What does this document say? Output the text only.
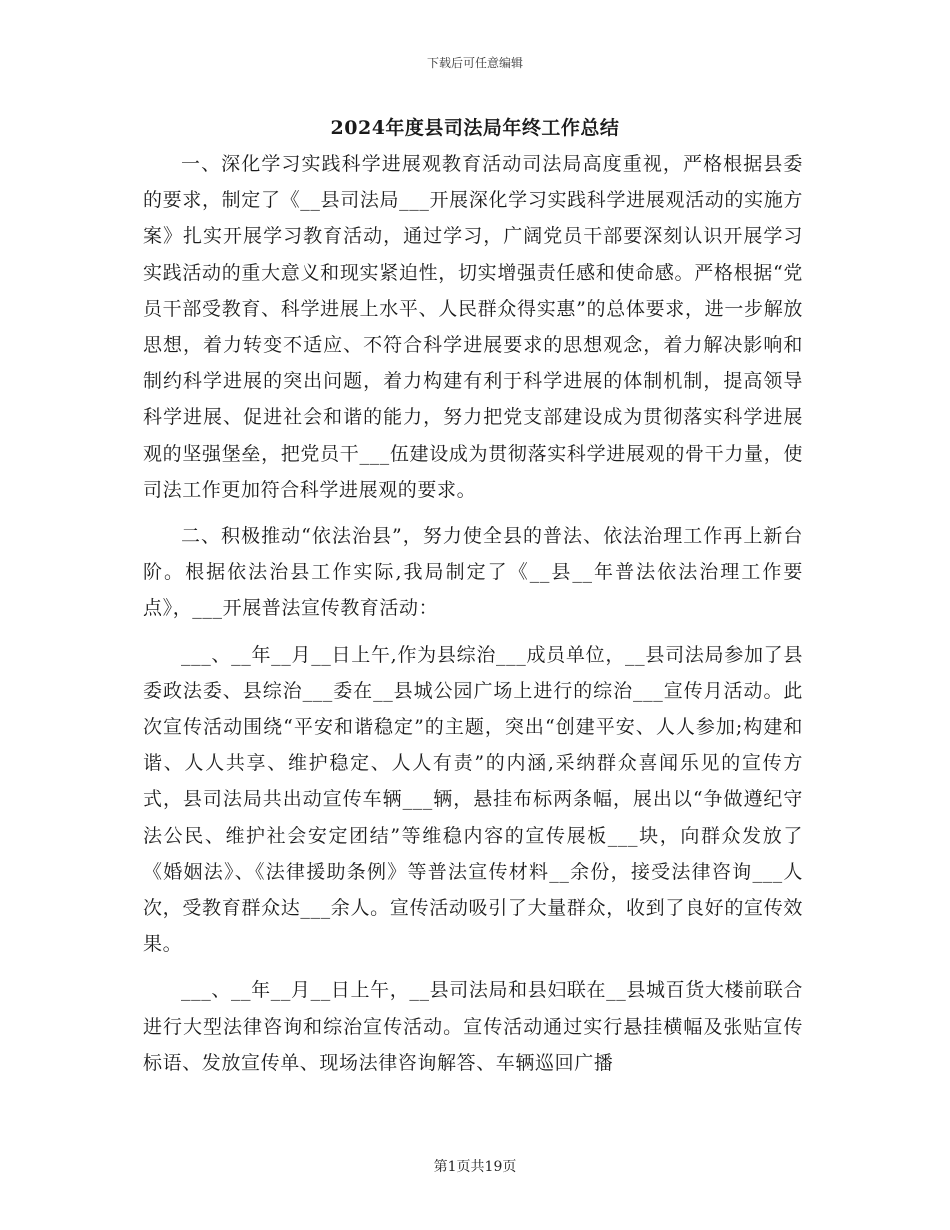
下载后可任意编辑
2024年度县司法局年终工作总结

一、深化学习实践科学进展观教育活动司法局高度重视，严格根据县委的要求，制定了《__县司法局___开展深化学习实践科学进展观活动的实施方案》扎实开展学习教育活动，通过学习，广阔党员干部要深刻认识开展学习实践活动的重大意义和现实紧迫性，切实增强责任感和使命感。严格根据“党员干部受教育、科学进展上水平、人民群众得实惠”的总体要求，进一步解放思想，着力转变不适应、不符合科学进展要求的思想观念，着力解决影响和制约科学进展的突出问题，着力构建有利于科学进展的体制机制，提高领导科学进展、促进社会和谐的能力，努力把党支部建设成为贯彻落实科学进展观的坚强堡垒，把党员干___伍建设成为贯彻落实科学进展观的骨干力量，使司法工作更加符合科学进展观的要求。

二、积极推动“依法治县”，努力使全县的普法、依法治理工作再上新台阶。根据依法治县工作实际,我局制定了《__县__年普法依法治理工作要点》，___开展普法宣传教育活动：

___、__年__月__日上午,作为县综治___成员单位，__县司法局参加了县委政法委、县综治___委在__县城公园广场上进行的综治___宣传月活动。此次宣传活动围绕“平安和谐稳定”的主题，突出“创建平安、人人参加;构建和谐、人人共享、维护稳定、人人有责”的内涵,采纳群众喜闻乐见的宣传方式，县司法局共出动宣传车辆___辆，悬挂布标两条幅，展出以“争做遵纪守法公民、维护社会安定团结”等维稳内容的宣传展板___块，向群众发放了《婚姻法》、《法律援助条例》等普法宣传材料__余份，接受法律咨询___人次，受教育群众达___余人。宣传活动吸引了大量群众，收到了良好的宣传效果。

___、__年__月__日上午，__县司法局和县妇联在__县城百货大楼前联合进行大型法律咨询和综治宣传活动。宣传活动通过实行悬挂横幅及张贴宣传标语、发放宣传单、现场法律咨询解答、车辆巡回广播

第1页共19页
